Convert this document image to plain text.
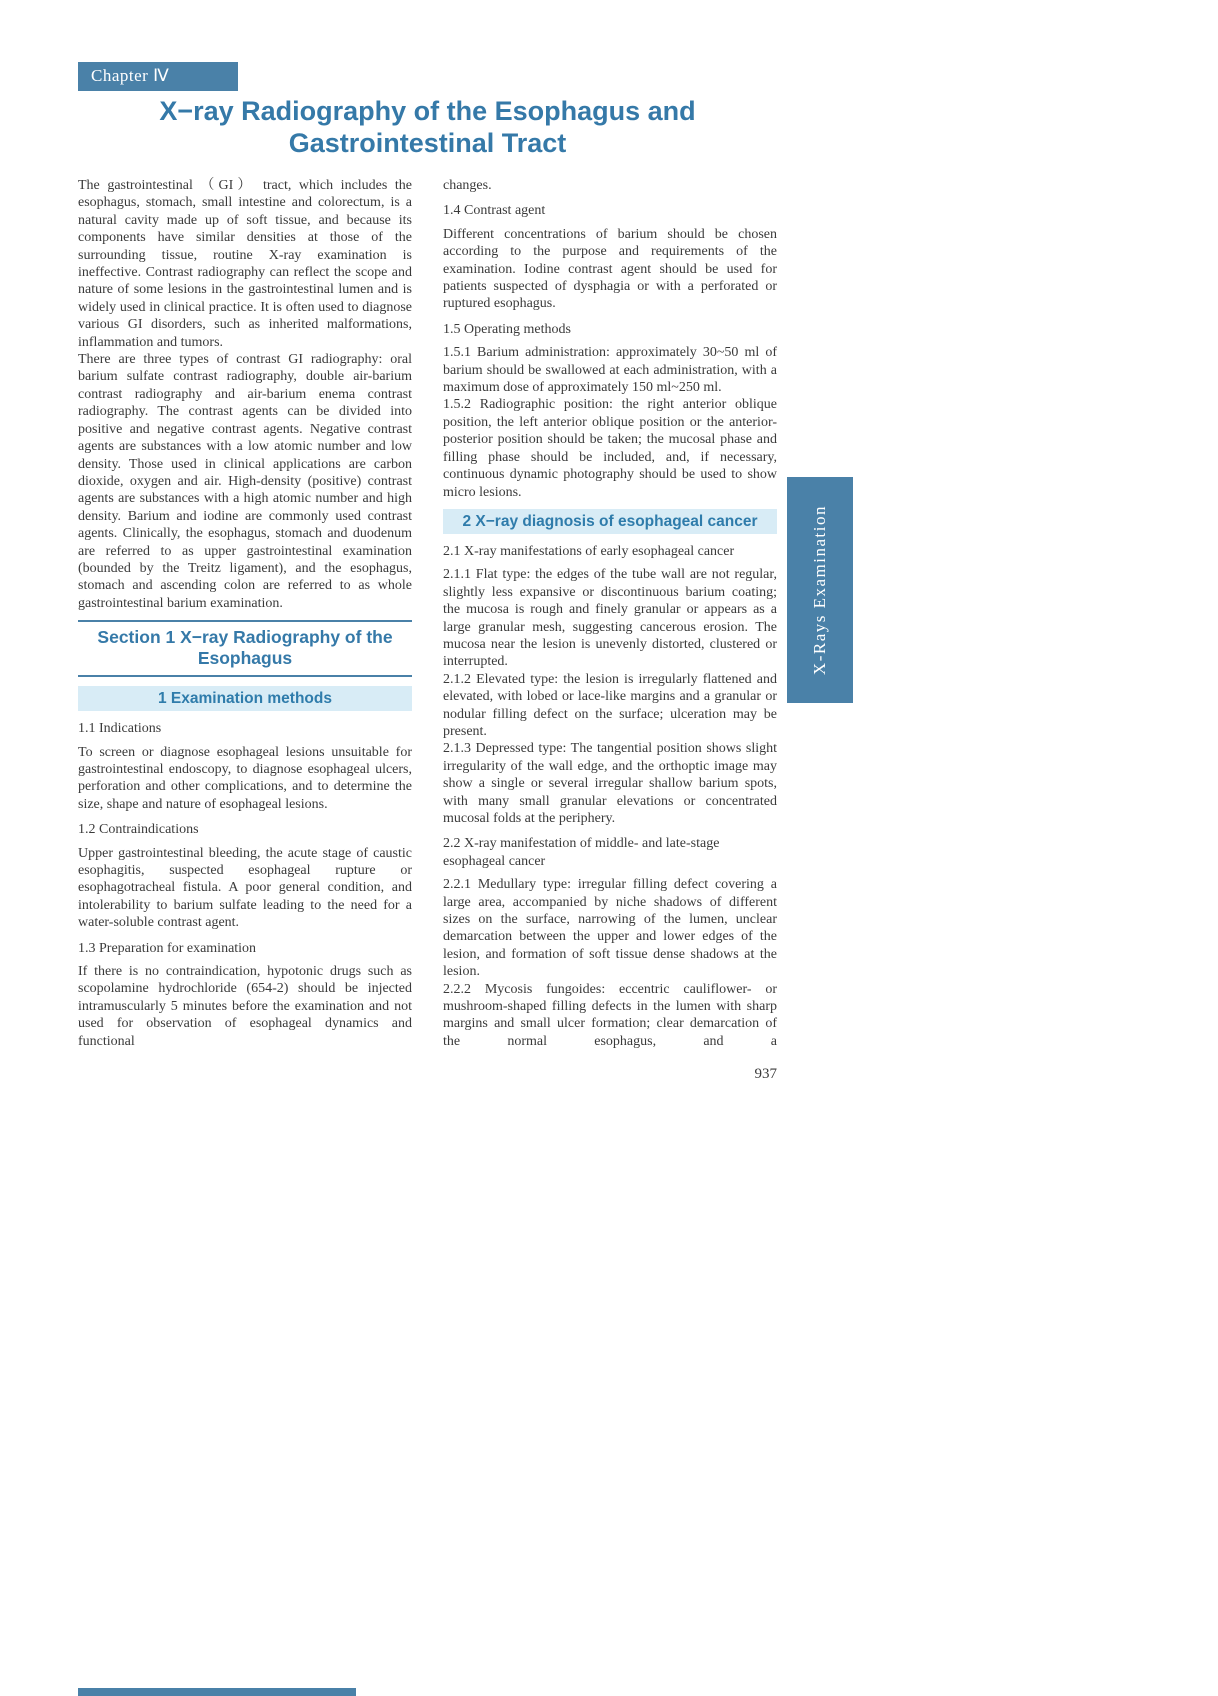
Chapter Ⅳ
X−ray Radiography of the Esophagus and
Gastrointestinal Tract

The gastrointestinal （GI） tract, which includes the esophagus, stomach, small intestine and colorectum, is a natural cavity made up of soft tissue, and because its components have similar densities at those of the surrounding tissue, routine X-ray examination is ineffective. Contrast radiography can reflect the scope and nature of some lesions in the gastrointestinal lumen and is widely used in clinical practice. It is often used to diagnose various GI disorders, such as inherited malformations, inflammation and tumors.

There are three types of contrast GI radiography: oral barium sulfate contrast radiography, double air-barium contrast radiography and air-barium enema contrast radiography. The contrast agents can be divided into positive and negative contrast agents. Negative contrast agents are substances with a low atomic number and low density. Those used in clinical applications are carbon dioxide, oxygen and air. High-density (positive) contrast agents are substances with a high atomic number and high density. Barium and iodine are commonly used contrast agents. Clinically, the esophagus, stomach and duodenum are referred to as upper gastrointestinal examination (bounded by the Treitz ligament), and the esophagus, stomach and ascending colon are referred to as whole gastrointestinal barium examination.

Section 1 X−ray Radiography of the Esophagus
1 Examination methods

1.1 Indications

To screen or diagnose esophageal lesions unsuitable for gastrointestinal endoscopy, to diagnose esophageal ulcers, perforation and other complications, and to determine the size, shape and nature of esophageal lesions.

1.2 Contraindications

Upper gastrointestinal bleeding, the acute stage of caustic esophagitis, suspected esophageal rupture or esophagotracheal fistula. A poor general condition, and intolerability to barium sulfate leading to the need for a water-soluble contrast agent.

1.3 Preparation for examination

If there is no contraindication, hypotonic drugs such as scopolamine hydrochloride (654-2) should be injected intramuscularly 5 minutes before the examination and not used for observation of esophageal dynamics and functional

changes.

1.4 Contrast agent

Different concentrations of barium should be chosen according to the purpose and requirements of the examination. Iodine contrast agent should be used for patients suspected of dysphagia or with a perforated or ruptured esophagus.

1.5 Operating methods

1.5.1 Barium administration: approximately 30~50 ml of barium should be swallowed at each administration, with a maximum dose of approximately 150 ml~250 ml.

1.5.2 Radiographic position: the right anterior oblique position, the left anterior oblique position or the anterior-posterior position should be taken; the mucosal phase and filling phase should be included, and, if necessary, continuous dynamic photography should be used to show micro lesions.

2 X−ray diagnosis of esophageal cancer

2.1 X-ray manifestations of early esophageal cancer

2.1.1 Flat type: the edges of the tube wall are not regular, slightly less expansive or discontinuous barium coating; the mucosa is rough and finely granular or appears as a large granular mesh, suggesting cancerous erosion. The mucosa near the lesion is unevenly distorted, clustered or interrupted.

2.1.2 Elevated type: the lesion is irregularly flattened and elevated, with lobed or lace-like margins and a granular or nodular filling defect on the surface; ulceration may be present.

2.1.3 Depressed type: The tangential position shows slight irregularity of the wall edge, and the orthoptic image may show a single or several irregular shallow barium spots, with many small granular elevations or concentrated mucosal folds at the periphery.

2.2 X-ray manifestation of middle- and late-stage esophageal cancer

2.2.1 Medullary type: irregular filling defect covering a large area, accompanied by niche shadows of different sizes on the surface, narrowing of the lumen, unclear demarcation between the upper and lower edges of the lesion, and formation of soft tissue dense shadows at the lesion.

2.2.2 Mycosis fungoides: eccentric cauliflower- or mushroom-shaped filling defects in the lumen with sharp margins and small ulcer formation; clear demarcation of the normal esophagus, and a

937
X-Rays Examination
